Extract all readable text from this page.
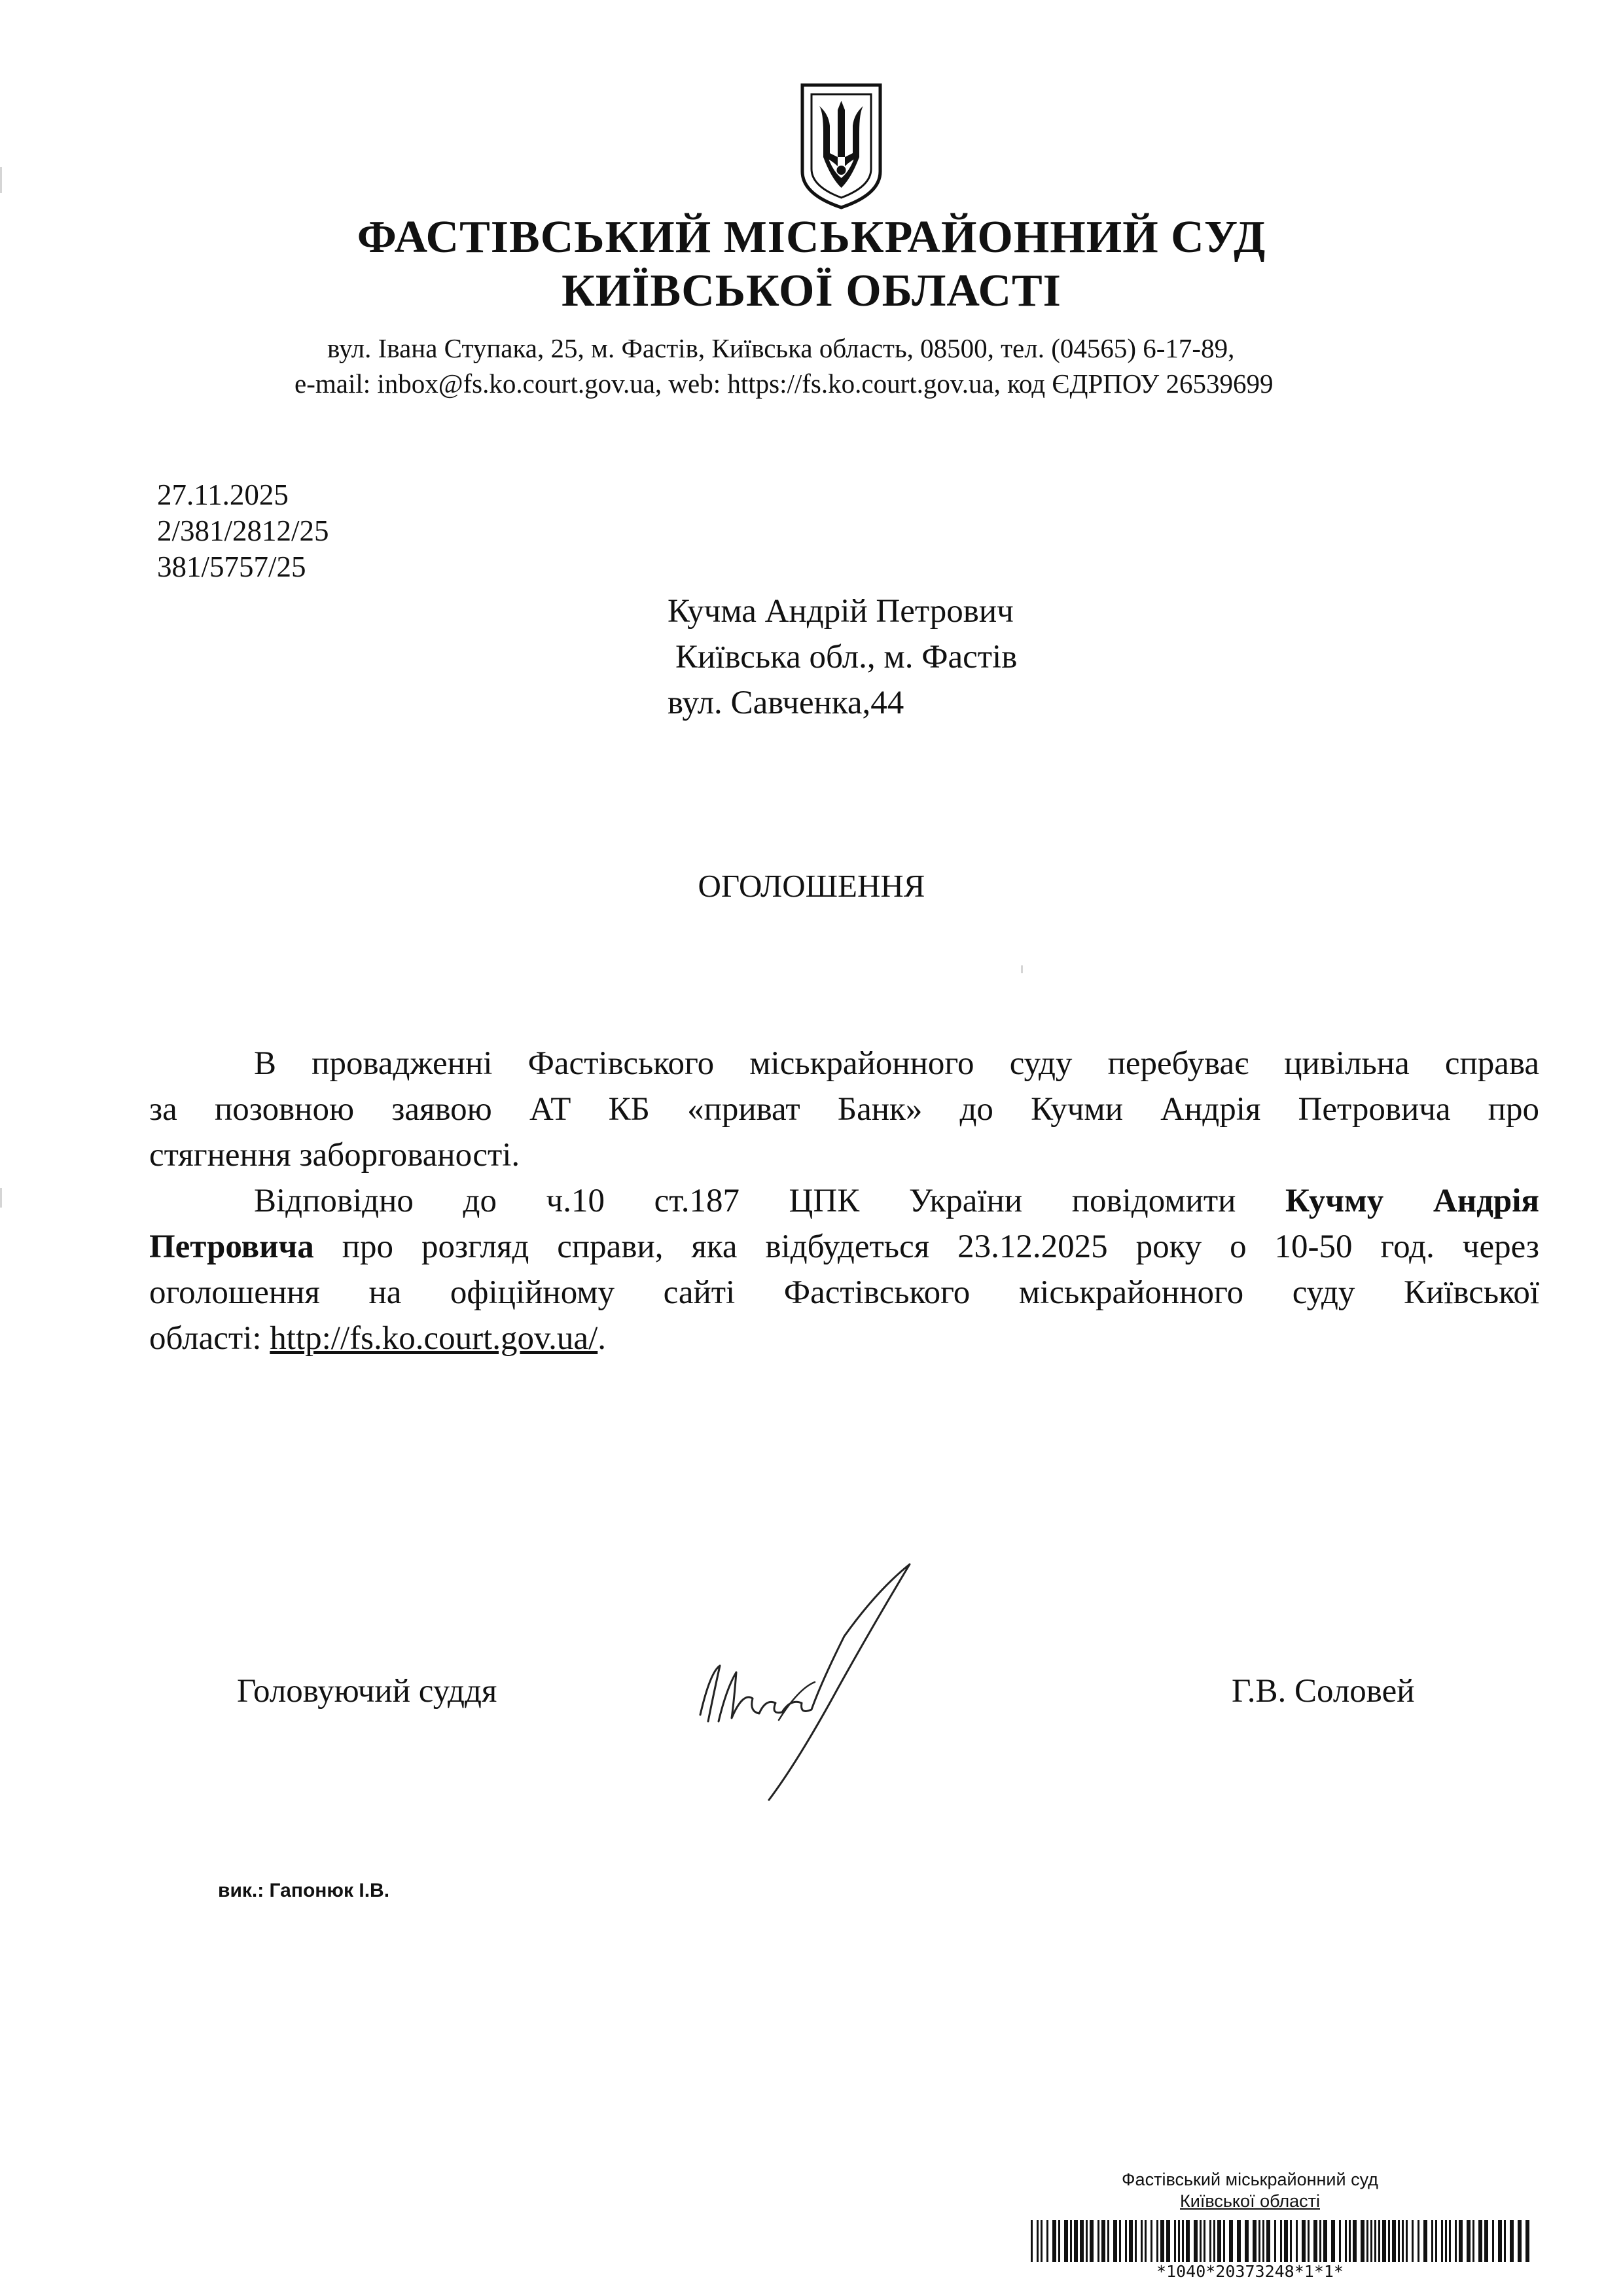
ФАСТІВСЬКИЙ МІСЬКРАЙОННИЙ СУД
КИЇВСЬКОЇ ОБЛАСТІ
вул. Івана Ступака, 25, м. Фастів, Київська область, 08500, тел. (04565) 6-17-89,
e-mail: inbox@fs.ko.court.gov.ua, web: https://fs.ko.court.gov.ua, код ЄДРПОУ 26539699
27.11.2025
2/381/2812/25
381/5757/25
Кучма Андрій Петрович
Київська обл., м. Фастів
вул. Савченка,44
ОГОЛОШЕННЯ
В провадженні Фастівського міськрайонного суду перебуває цивільна справа
за позовною заявою АТ КБ «приват Банк» до Кучми Андрія Петровича про
стягнення заборгованості.
Відповідно до ч.10 ст.187 ЦПК України повідомити Кучму Андрія
Петровича про розгляд справи, яка відбудеться 23.12.2025 року о 10-50 год. через
оголошення на офіційному сайті Фастівського міськрайонного суду Київської
області: http://fs.ko.court.gov.ua/.
Головуючий суддя	Г.В. Соловей
вик.: Гапонюк І.В.
Фастівський міськрайонний суд
Київської області
*1040*20373248*1*1*
